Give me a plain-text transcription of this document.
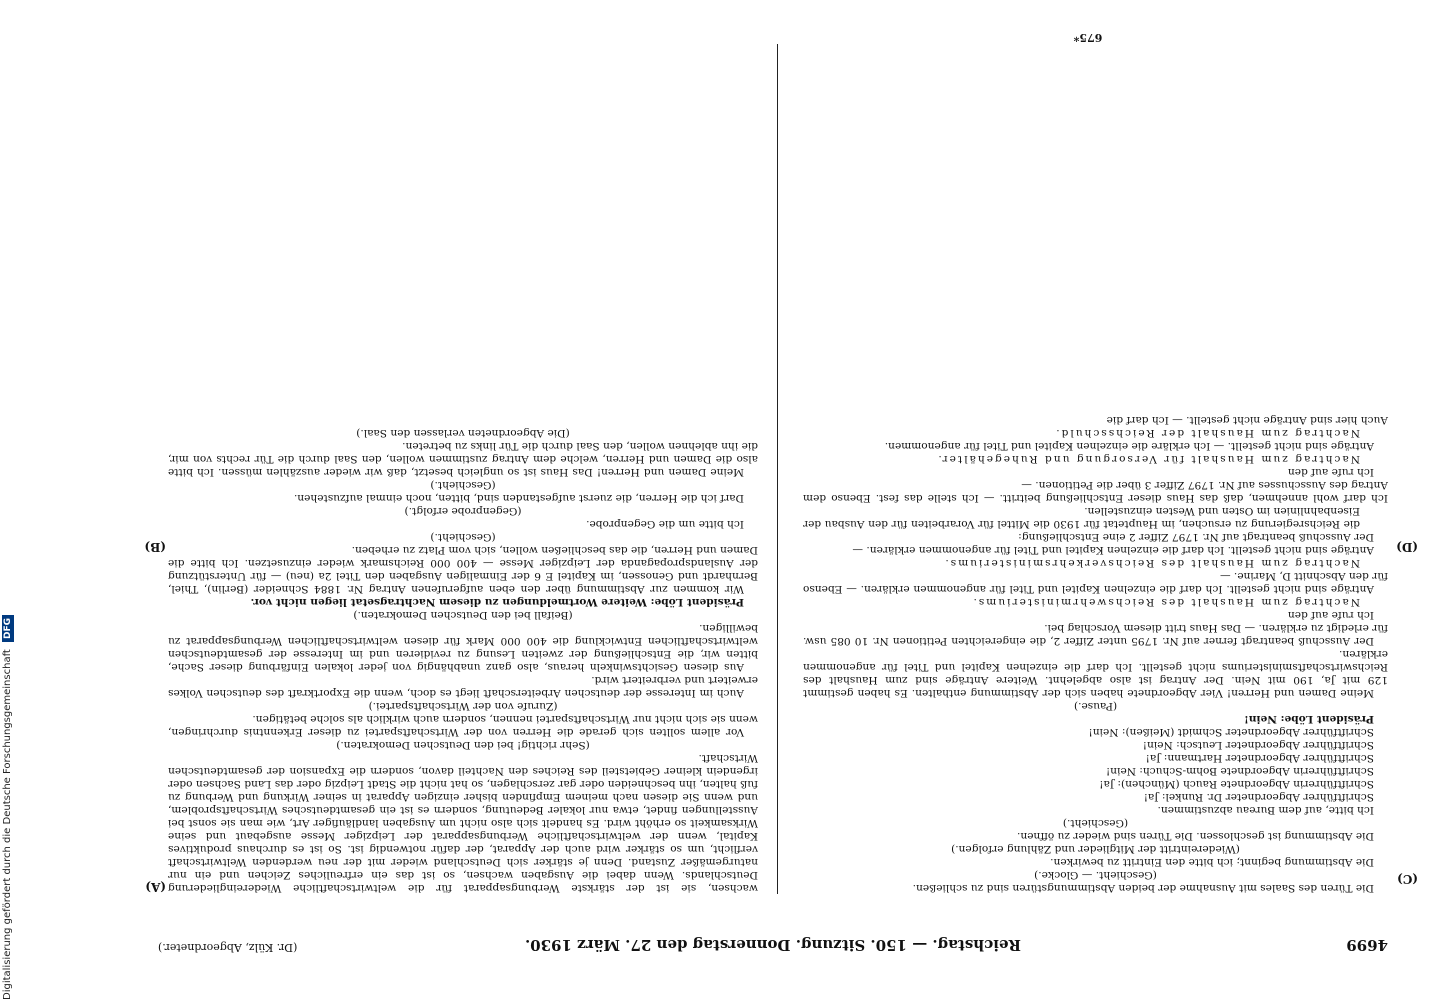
4699
Reichstag. — 150. Sitzung. Donnerstag den 27. März 1930.
(Dr. Külz, Abgeordneter.)
(C)
(D)
(A)
(B)

Die Türen des Saales mit Ausnahme der beiden Abstimmungstüren sind zu schließen.

(Geschieht. — Glocke.)

Die Abstimmung beginnt; ich bitte den Eintritt zu bewirken.

(Wiedereintritt der Mitglieder und Zählung erfolgen.)

Die Abstimmung ist geschlossen. Die Türen sind wieder zu öffnen.

(Geschieht.)

Ich bitte, auf dem Bureau abzustimmen.

Schriftführer Abgeordneter Dr. Runkel: Ja!

Schriftführerin Abgeordnete Rauch (München): Ja!

Schriftführerin Abgeordnete Bohm-Schuch: Nein!

Schriftführer Abgeordneter Hartmann: Ja!

Schriftführer Abgeordneter Leutsch: Nein!

Schriftführer Abgeordneter Schmidt (Meißen): Nein!

Präsident Löbe: Nein!

(Pause.)

Meine Damen und Herren! Vier Abgeordnete haben sich der Abstimmung enthalten. Es haben gestimmt 129 mit Ja, 190 mit Nein. Der Antrag ist also abgelehnt. Weitere Anträge sind zum Haushalt des Reichswirtschaftsministeriums nicht gestellt. Ich darf die einzelnen Kapitel und Titel für angenommen erklären.

Der Ausschuß beantragt ferner auf Nr. 1795 unter Ziffer 2, die eingereichten Petitionen Nr. 10 085 usw. für erledigt zu erklären. — Das Haus tritt diesem Vorschlag bei.

Ich rufe auf den

Nachtrag zum Haushalt des Reichswehrministeriums.

Anträge sind nicht gestellt. Ich darf die einzelnen Kapitel und Titel für angenommen erklären. — Ebenso für den Abschnitt D, Marine. —

Nachtrag zum Haushalt des Reichsverkehrsministeriums.

Anträge sind nicht gestellt. Ich darf die einzelnen Kapitel und Titel für angenommen erklären. —

Der Ausschuß beantragt auf Nr. 1797 Ziffer 2 eine Entschließung:

die Reichsregierung zu ersuchen, im Hauptetat für 1930 die Mittel für Vorarbeiten für den Ausbau der Eisenbahnlinien im Osten und Westen einzustellen.

Ich darf wohl annehmen, daß das Haus dieser Entschließung beitritt. — Ich stelle das fest. Ebenso dem Antrag des Ausschusses auf Nr. 1797 Ziffer 3 über die Petitionen. —

Ich rufe auf den

Nachtrag zum Haushalt für Versorgung und Ruhegehälter.

Anträge sind nicht gestellt. — Ich erkläre die einzelnen Kapitel und Titel für angenommen.

Nachtrag zum Haushalt der Reichsschuld.

Auch hier sind Anträge nicht gestellt. — Ich darf die

wachsen, sie ist der stärkste Werbungsapparat für die weltwirtschaftliche Wiedereingliederung Deutschlands. Wenn dabei die Ausgaben wachsen, so ist das ein erfreuliches Zeichen und ein nur naturgemäßer Zustand. Denn je stärker sich Deutschland wieder mit der neu werdenden Weltwirtschaft verflicht, um so stärker wird auch der Apparat, der dafür notwendig ist. So ist es durchaus produktives Kapital, wenn der weltwirtschaftliche Werbungsapparat der Leipziger Messe ausgebaut und seine Wirksamkeit so erhöht wird. Es handelt sich also nicht um Ausgaben landläufiger Art, wie man sie sonst bei Ausstellungen findet, etwa nur lokaler Bedeutung, sondern es ist ein gesamtdeutsches Wirtschaftsproblem, und wenn Sie diesen nach meinem Empfinden bisher einzigen Apparat in seiner Wirkung und Werbung zu fuß halten, ihn beschneiden oder gar zerschlagen, so hat nicht die Stadt Leipzig oder das Land Sachsen oder irgendein kleiner Gebietsteil des Reiches den Nachteil davon, sondern die Expansion der gesamtdeutschen Wirtschaft.

(Sehr richtig! bei den Deutschen Demokraten.)

Vor allem sollten sich gerade die Herren von der Wirtschaftspartei zu dieser Erkenntnis durchringen, wenn sie sich nicht nur Wirtschaftspartei nennen, sondern auch wirklich als solche betätigen.

(Zurufe von der Wirtschaftspartei.)

Auch im Interesse der deutschen Arbeiterschaft liegt es doch, wenn die Exportkraft des deutschen Volkes erweitert und verbreitert wird.

Aus diesen Gesichtswinkeln heraus, also ganz unabhängig von jeder lokalen Einfärbung dieser Sache, bitten wir, die Entschließung der zweiten Lesung zu revidieren und im Interesse der gesamtdeutschen weltwirtschaftlichen Entwicklung die 400 000 Mark für diesen weltwirtschaftlichen Werbungsapparat zu bewilligen.

(Beifall bei den Deutschen Demokraten.)

Präsident Löbe: Weitere Wortmeldungen zu diesem Nachtragsetat liegen nicht vor.

Wir kommen zur Abstimmung über den eben aufgerufenen Antrag Nr. 1884 Schneider (Berlin), Thiel, Bernhardt und Genossen, im Kapitel E 6 der Einmaligen Ausgaben den Titel 2a (neu) — für Unterstützung der Auslandspropaganda der Leipziger Messe — 400 000 Reichsmark wieder einzusetzen. Ich bitte die Damen und Herren, die das beschließen wollen, sich vom Platz zu erheben.

(Geschieht.)

Ich bitte um die Gegenprobe.

(Gegenprobe erfolgt.)

Darf ich die Herren, die zuerst aufgestanden sind, bitten, noch einmal aufzustehen.

(Geschieht.)

Meine Damen und Herren! Das Haus ist so ungleich besetzt, daß wir wieder auszählen müssen. Ich bitte also die Damen und Herren, welche dem Antrag zustimmen wollen, den Saal durch die Tür rechts von mir, die ihn ablehnen wollen, den Saal durch die Tür links zu betreten.

(Die Abgeordneten verlassen den Saal.)

675*
Digitalisierung gefördert durch die Deutsche Forschungsgemeinschaft DFG
